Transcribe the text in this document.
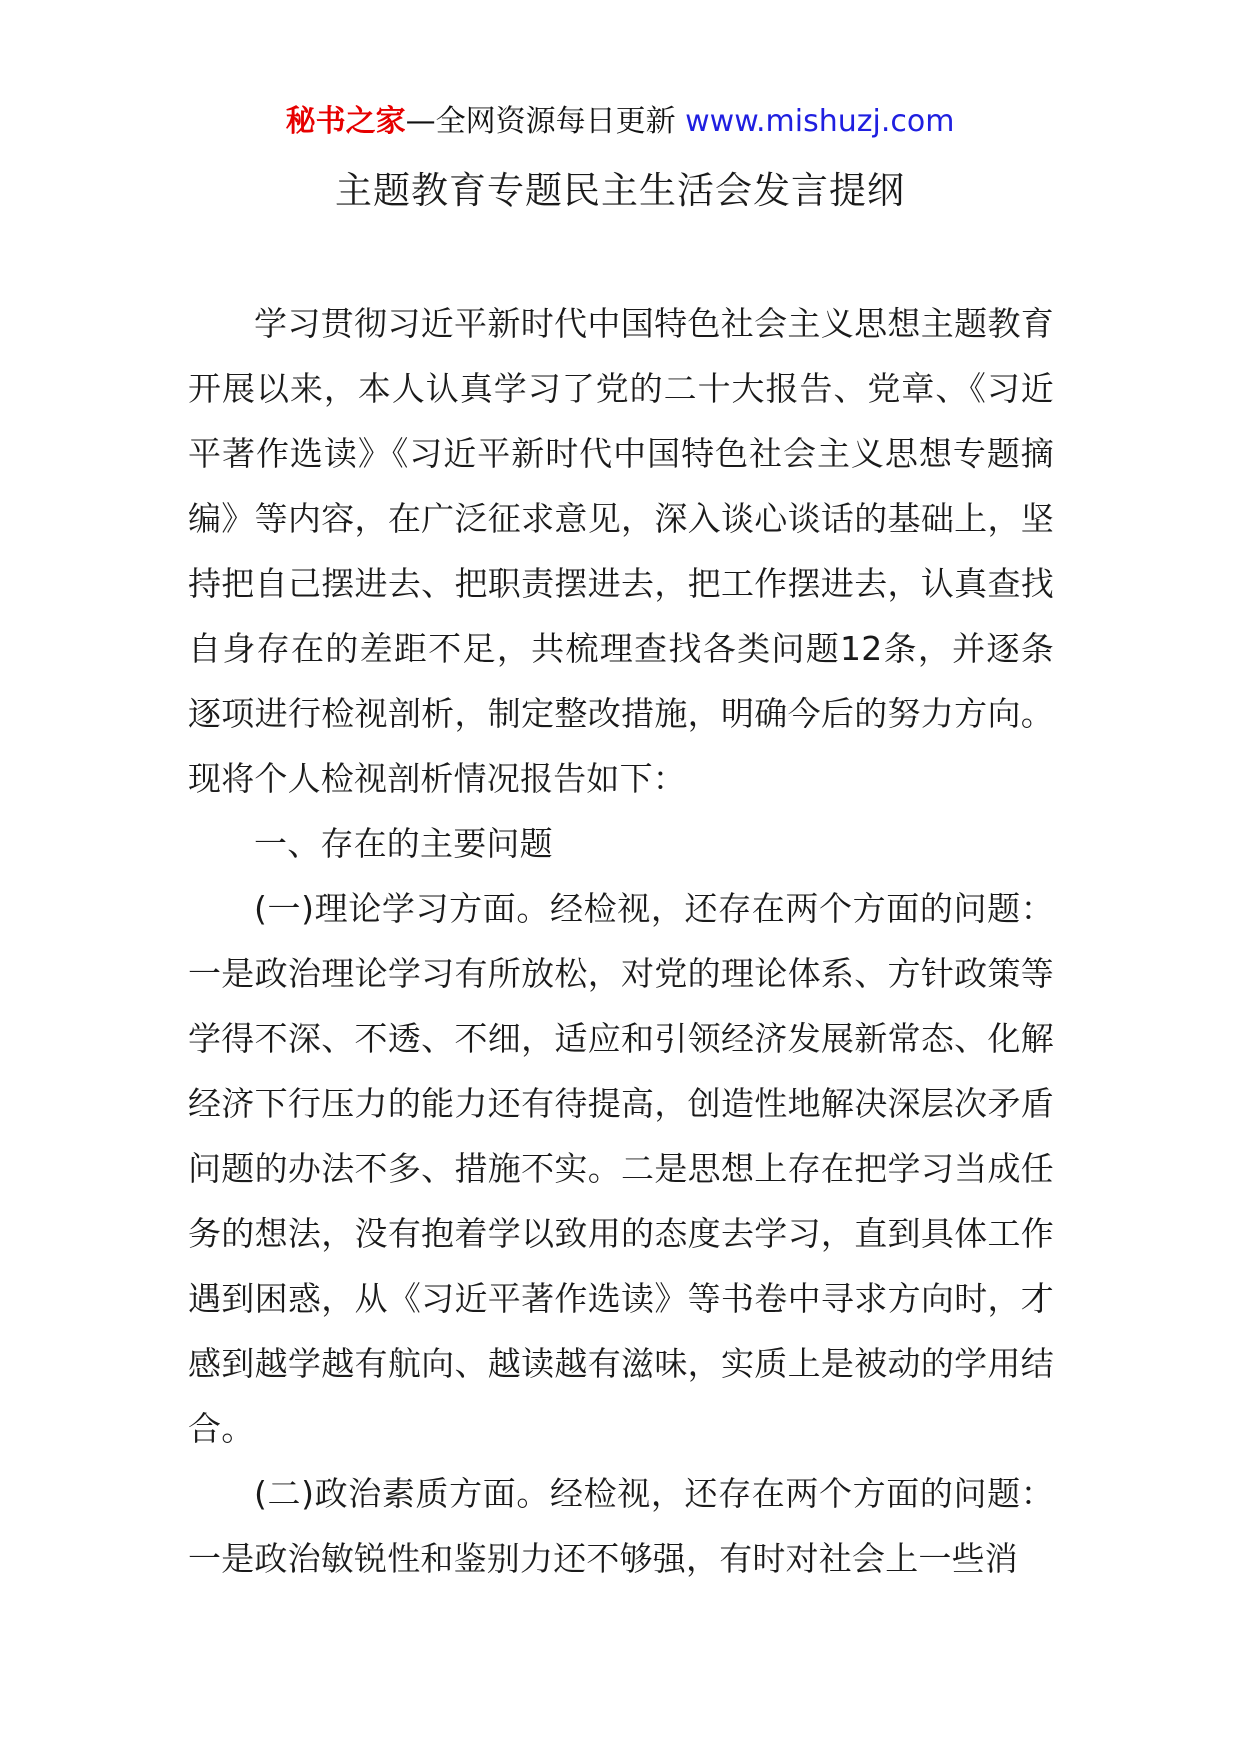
秘书之家—全网资源每日更新 www.mishuzj.com
主题教育专题民主生活会发言提纲

学习贯彻习近平新时代中国特色社会主义思想主题教育开展以来，本人认真学习了党的二十大报告、党章、《习近平著作选读》《习近平新时代中国特色社会主义思想专题摘编》等内容，在广泛征求意见，深入谈心谈话的基础上，坚持把自己摆进去、把职责摆进去，把工作摆进去，认真查找自身存在的差距不足，共梳理查找各类问题12条，并逐条逐项进行检视剖析，制定整改措施，明确今后的努力方向。现将个人检视剖析情况报告如下：

一、存在的主要问题

(一)理论学习方面。经检视，还存在两个方面的问题：一是政治理论学习有所放松，对党的理论体系、方针政策等学得不深、不透、不细，适应和引领经济发展新常态、化解经济下行压力的能力还有待提高，创造性地解决深层次矛盾问题的办法不多、措施不实。二是思想上存在把学习当成任务的想法，没有抱着学以致用的态度去学习，直到具体工作遇到困惑，从《习近平著作选读》等书卷中寻求方向时，才感到越学越有航向、越读越有滋味，实质上是被动的学用结合。

(二)政治素质方面。经检视，还存在两个方面的问题：一是政治敏锐性和鉴别力还不够强，有时对社会上一些消
